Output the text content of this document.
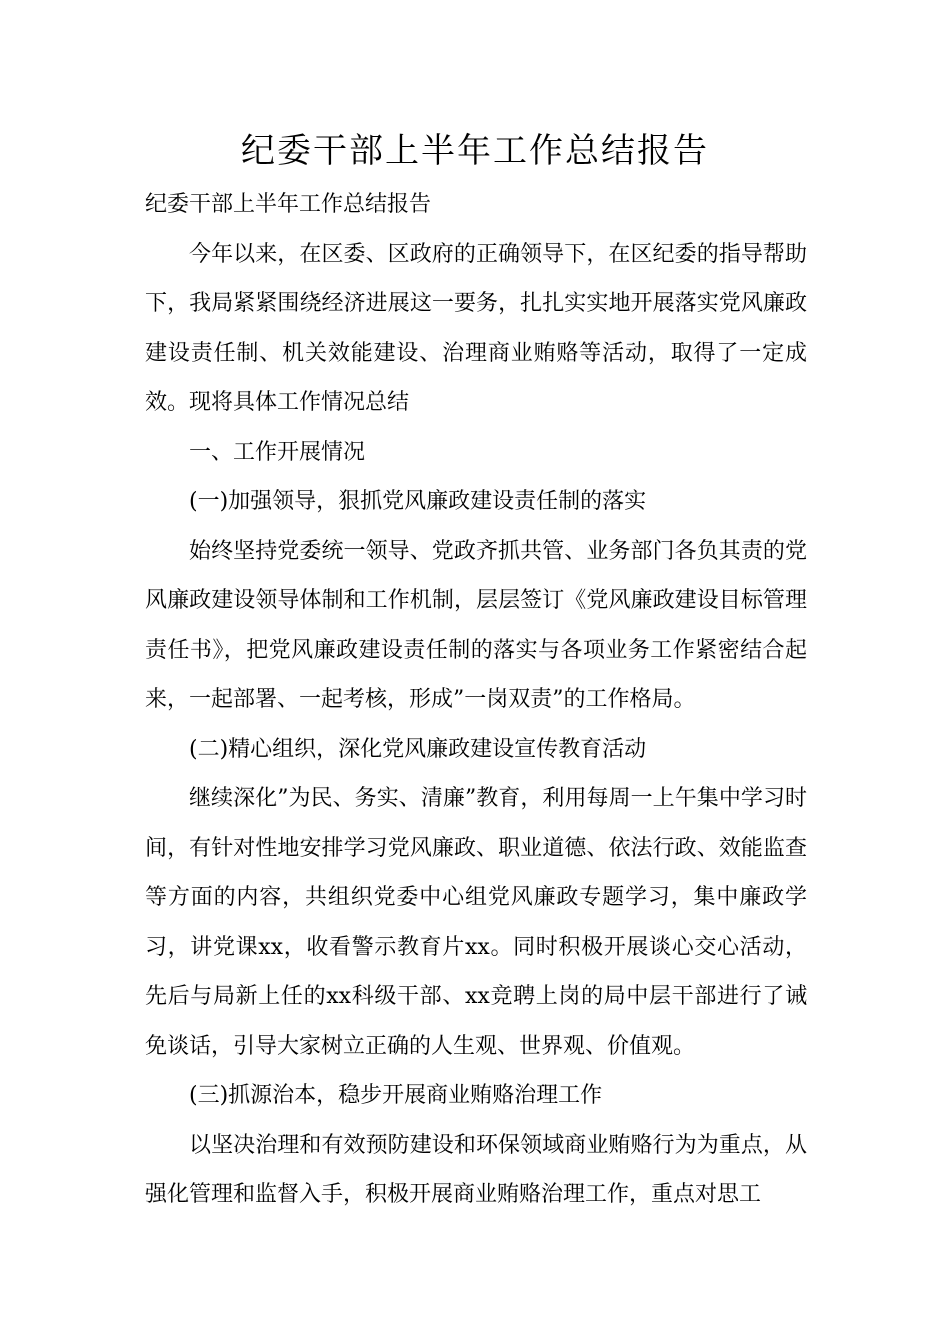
纪委干部上半年工作总结报告

纪委干部上半年工作总结报告

今年以来，在区委、区政府的正确领导下，在区纪委的指导帮助下，我局紧紧围绕经济进展这一要务，扎扎实实地开展落实党风廉政建设责任制、机关效能建设、治理商业贿赂等活动，取得了一定成效。现将具体工作情况总结

一、工作开展情况

(一)加强领导，狠抓党风廉政建设责任制的落实

始终坚持党委统一领导、党政齐抓共管、业务部门各负其责的党风廉政建设领导体制和工作机制，层层签订《党风廉政建设目标管理责任书》，把党风廉政建设责任制的落实与各项业务工作紧密结合起来，一起部署、一起考核，形成”一岗双责”的工作格局。

(二)精心组织，深化党风廉政建设宣传教育活动

继续深化”为民、务实、清廉”教育，利用每周一上午集中学习时间，有针对性地安排学习党风廉政、职业道德、依法行政、效能监查等方面的内容，共组织党委中心组党风廉政专题学习，集中廉政学习，讲党课xx，收看警示教育片xx。同时积极开展谈心交心活动，先后与局新上任的xx科级干部、xx竞聘上岗的局中层干部进行了诫免谈话，引导大家树立正确的人生观、世界观、价值观。

(三)抓源治本，稳步开展商业贿赂治理工作

以坚决治理和有效预防建设和环保领域商业贿赂行为为重点，从强化管理和监督入手，积极开展商业贿赂治理工作，重点对思工
